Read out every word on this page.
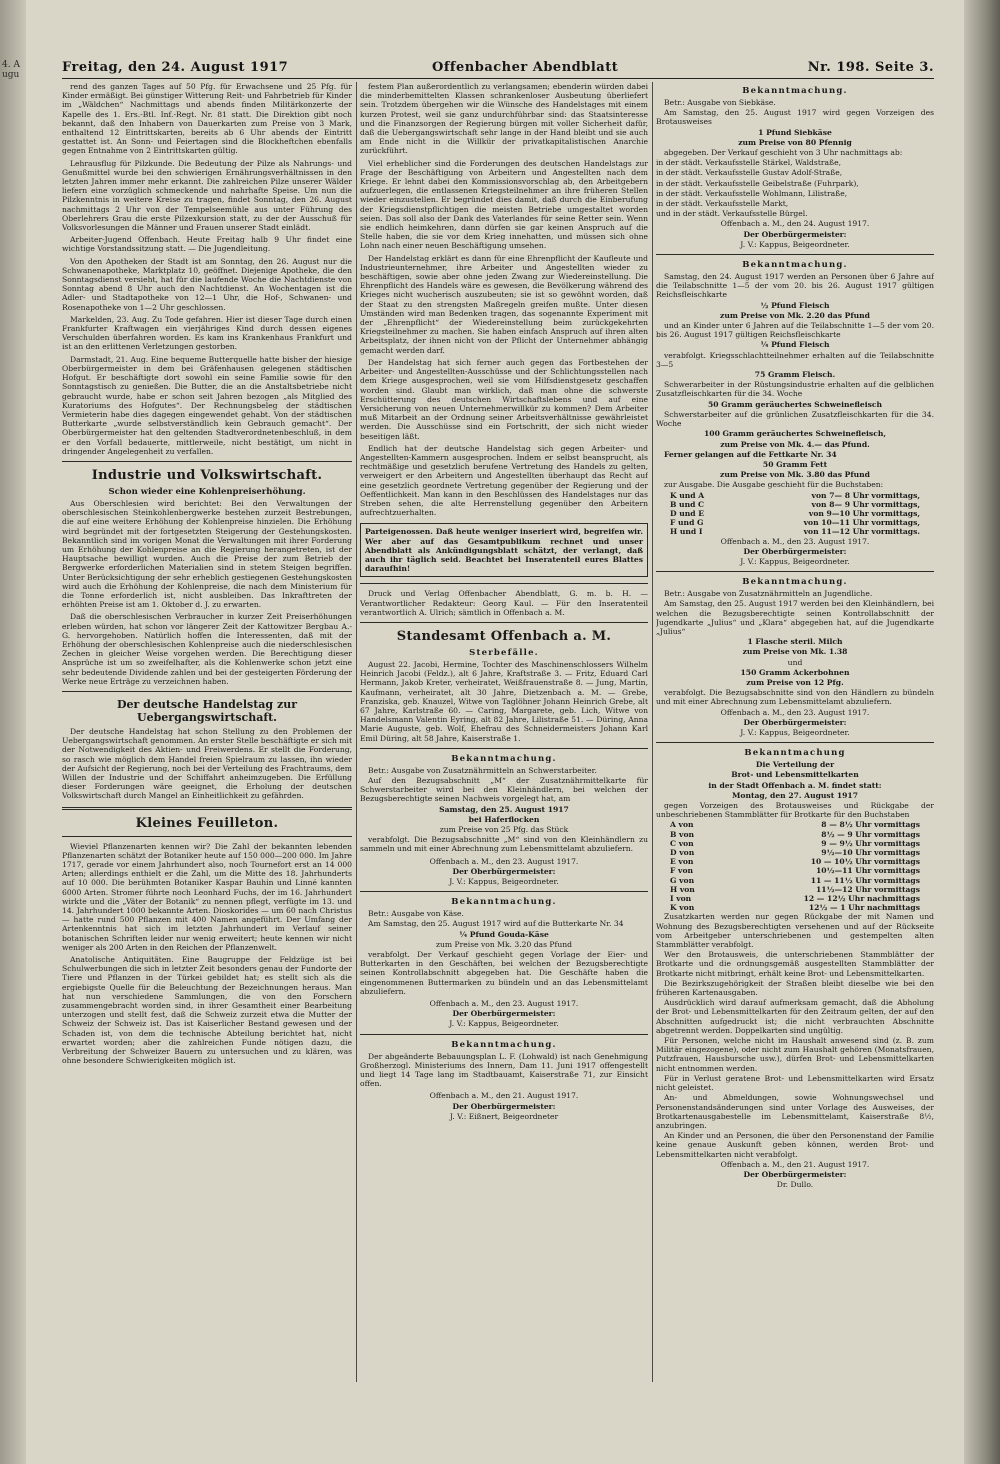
4. Augu	Freitag, den 24. August 1917	Offenbacher Abendblatt	Nr. 198. Seite 3.

rend des ganzen Tages auf 50 Pfg. für Erwachsene und 25 Pfg. für Kinder ermäßigt. Bei günstiger Witterung Reit- und Fahrbetrieb für Kinder im „Wäldchen“ Nachmittags und abends finden Militärkonzerte der Kapelle des 1. Ers.-Btl. Inf.-Regt. Nr. 81 statt. Die Direktion gibt noch bekannt, daß den Inhabern von Dauerkarten zum Preise von 3 Mark, enthaltend 12 Eintrittskarten, bereits ab 6 Uhr abends der Eintritt gestattet ist. An Sonn- und Feiertagen sind die Blockheftchen ebenfalls gegen Entnahme von 2 Eintrittskarten gültig.

Lehrausflug für Pilzkunde. Die Bedeutung der Pilze als Nahrungs- und Genußmittel wurde bei den schwierigen Ernährungsverhältnissen in den letzten Jahren immer mehr erkannt. Die zahlreichen Pilze unserer Wälder liefern eine vorzüglich schmeckende und nahrhafte Speise. Um nun die Pilzkenntnis in weitere Kreise zu tragen, findet Sonntag, den 26. August nachmittags 2 Uhr von der Tempelseemühle aus unter Führung des Oberlehrers Grau die erste Pilzexkursion statt, zu der der Ausschuß für Volksvorlesungen die Männer und Frauen unserer Stadt einlädt.

Arbeiter-Jugend Offenbach. Heute Freitag halb 9 Uhr findet eine wichtige Vorstandssitzung statt. — Die Jugendleitung.

Von den Apotheken der Stadt ist am Sonntag, den 26. August nur die Schwanenapotheke, Marktplatz 10, geöffnet. Diejenige Apotheke, die den Sonntagsdienst versieht, hat für die laufende Woche die Nachtdienste von Sonntag abend 8 Uhr auch den Nachtdienst. An Wochentagen ist die Adler- und Stadtapotheke von 12—1 Uhr, die Hof-, Schwanen- und Rosenapotheke von 1—2 Uhr geschlossen.

Markelden, 23. Aug. Zu Tode gefahren. Hier ist dieser Tage durch einen Frankfurter Kraftwagen ein vierjähriges Kind durch dessen eigenes Verschulden überfahren worden. Es kam ins Krankenhaus Frankfurt und ist an den erlittenen Verletzungen gestorben.

Darmstadt, 21. Aug. Eine bequeme Butterquelle hatte bisher der hiesige Oberbürgermeister in dem bei Gräfenhausen gelegenen städtischen Hofgut. Er beschäftigte dort sowohl ein seine Familie sowie für den Sonntagstisch zu genießen. Die Butter, die an die Anstaltsbetriebe nicht gebraucht wurde, habe er schon seit Jahren bezogen „als Mitglied des Kuratoriums des Hofgutes“. Der Rechnungsbeleg der städtischen Vermieterin habe dies dagegen eingewendet gehabt. Von der städtischen Butterkarte „wurde selbstverständlich kein Gebrauch gemacht“. Der Oberbürgermeister hat den geltenden Stadtverordnetenbeschluß, in dem er den Vorfall bedauerte, mittlerweile, nicht bestätigt, um nicht in dringender Angelegenheit zu verfallen.

Industrie und Volkswirtschaft.
Schon wieder eine Kohlenpreiserhöhung.

Aus Oberschlesien wird berichtet: Bei den Verwaltungen der oberschlesischen Steinkohlenbergwerke bestehen zurzeit Bestrebungen, die auf eine weitere Erhöhung der Kohlenpreise hinzielen. Die Erhöhung wird begründet mit der fortgesetzten Steigerung der Gestehungskosten. Bekanntlich sind im vorigen Monat die Verwaltungen mit ihrer Forderung um Erhöhung der Kohlenpreise an die Regierung herangetreten, ist der Hauptsache bewilligt wurden. Auch die Preise der zum Betrieb der Bergwerke erforderlichen Materialien sind in stetem Steigen begriffen. Unter Berücksichtigung der sehr erheblich gestiegenen Gestehungskosten wird auch die Erhöhung der Kohlenpreise, die nach dem Ministerium für die Tonne erforderlich ist, nicht ausbleiben. Das Inkrafttreten der erhöhten Preise ist am 1. Oktober d. J. zu erwarten.

Daß die oberschlesischen Verbraucher in kurzer Zeit Preiserhöhungen erleben würden, hat schon vor längerer Zeit der Kattowitzer Bergbau A.-G. hervorgehoben. Natürlich hoffen die Interessenten, daß mit der Erhöhung der oberschlesischen Kohlenpreise auch die niederschlesischen Zechen in gleicher Weise vorgehen werden. Die Berechtigung dieser Ansprüche ist um so zweifelhafter, als die Kohlenwerke schon jetzt eine sehr bedeutende Dividende zahlen und bei der gesteigerten Förderung der Werke neue Erträge zu verzeichnen haben.

Der deutsche Handelstag zur Uebergangswirtschaft.

Der deutsche Handelstag hat schon Stellung zu den Problemen der Uebergangswirtschaft genommen. An erster Stelle beschäftigte er sich mit der Notwendigkeit des Aktien- und Freiwerdens. Er stellt die Forderung, so rasch wie möglich dem Handel freien Spielraum zu lassen, ihn wieder der Aufsicht der Regierung, noch bei der Verteilung des Frachtraums, dem Willen der Industrie und der Schiffahrt anheimzugeben. Die Erfüllung dieser Forderungen wäre geeignet, die Erholung der deutschen Volkswirtschaft durch Mangel an Einheitlichkeit zu gefährden.

Kleines Feuilleton.

Wieviel Pflanzenarten kennen wir? Die Zahl der bekannten lebenden Pflanzenarten schätzt der Botaniker heute auf 150 000—200 000. Im Jahre 1717, gerade vor einem Jahrhundert also, noch Tournefort erst an 14 000 Arten; allerdings enthielt er die Zahl, um die Mitte des 18. Jahrhunderts auf 10 000. Die berühmten Botaniker Kaspar Bauhin und Linné kannten 6000 Arten. Stromer führte noch Leonhard Fuchs, der im 16. Jahrhundert wirkte und die „Väter der Botanik“ zu nennen pflegt, verfügte im 13. und 14. Jahrhundert 1000 bekannte Arten. Dioskorides — um 60 nach Christus — hatte rund 500 Pflanzen mit 400 Namen angeführt. Der Umfang der Artenkenntnis hat sich im letzten Jahrhundert im Verlauf seiner botanischen Schriften leider nur wenig erweitert; heute kennen wir nicht weniger als 200 Arten in den Reichen der Pflanzenwelt.

Anatolische Antiquitäten. Eine Baugruppe der Feldzüge ist bei Schulwerbungen die sich in letzter Zeit besonders genau der Fundorte der Tiere und Pflanzen in der Türkei gebildet hat; es stellt sich als die ergiebigste Quelle für die Beleuchtung der Bezeichnungen heraus. Man hat nun verschiedene Sammlungen, die von den Forschern zusammengebracht worden sind, in ihrer Gesamtheit einer Bearbeitung unterzogen und stellt fest, daß die Schweiz zurzeit etwa die Mutter der Schweiz der Schweiz ist. Das ist Kaiserlicher Bestand gewesen und der Schaden ist, von dem die technische Abteilung berichtet hat, nicht erwartet worden; aber die zahlreichen Funde nötigen dazu, die Verbreitung der Schweizer Bauern zu untersuchen und zu klären, was ohne besondere Schwierigkeiten möglich ist.

festem Plan außerordentlich zu verlangsamen; ebenderin würden dabei die minderbemittelten Klassen schrankenloser Ausbeutung überliefert sein. Trotzdem übergehen wir die Wünsche des Handelstages mit einem kurzen Protest, weil sie ganz undurchführbar sind: das Staatsinteresse und die Finanzsorgen der Regierung bürgen mit voller Sicherheit dafür, daß die Uebergangswirtschaft sehr lange in der Hand bleibt und sie auch am Ende nicht in die Willkür der privatkapitalistischen Anarchie zurückführt.

Viel erheblicher sind die Forderungen des deutschen Handelstags zur Frage der Beschäftigung von Arbeitern und Angestellten nach dem Kriege. Er lehnt dabei den Kommissionsvorschlag ab, den Arbeitgebern aufzuerlegen, die entlassenen Kriegsteilnehmer an ihre früheren Stellen wieder einzustellen. Er begründet dies damit, daß durch die Einberufung der Kriegsdienstpflichtigen die meisten Betriebe umgestaltet worden seien. Das soll also der Dank des Vaterlandes für seine Retter sein. Wenn sie endlich heimkehren, dann dürfen sie gar keinen Anspruch auf die Stelle haben, die sie vor dem Krieg innehatten, und müssen sich ohne Lohn nach einer neuen Beschäftigung umsehen.

Der Handelstag erklärt es dann für eine Ehrenpflicht der Kaufleute und Industrieunternehmer, ihre Arbeiter und Angestellten wieder zu beschäftigen, sowie aber ohne jeden Zwang zur Wiedereinstellung. Die Ehrenpflicht des Handels wäre es gewesen, die Bevölkerung während des Krieges nicht wucherisch auszubeuten; sie ist so gewöhnt worden, daß der Staat zu den strengsten Maßregeln greifen mußte. Unter diesen Umständen wird man Bedenken tragen, das sogenannte Experiment mit der „Ehrenpflicht“ der Wiedereinstellung beim zurückgekehrten Kriegsteilnehmer zu machen. Sie haben einfach Anspruch auf ihren alten Arbeitsplatz, der ihnen nicht von der Pflicht der Unternehmer abhängig gemacht werden darf.

Der Handelstag hat sich ferner auch gegen das Fortbestehen der Arbeiter- und Angestellten-Ausschüsse und der Schlichtungsstellen nach dem Kriege ausgesprochen, weil sie vom Hilfsdienstgesetz geschaffen worden sind. Glaubt man wirklich, daß man ohne die schwerste Erschütterung des deutschen Wirtschaftslebens und auf eine Versicherung von neuen Unternehmerwillkür zu kommen? Dem Arbeiter muß Mitarbeit an der Ordnung seiner Arbeitsverhältnisse gewährleistet werden. Die Ausschüsse sind ein Fortschritt, der sich nicht wieder beseitigen läßt.

Endlich hat der deutsche Handelstag sich gegen Arbeiter- und Angestellten-Kammern ausgesprochen. Indem er selbst beansprucht, als rechtmäßige und gesetzlich berufene Vertretung des Handels zu gelten, verweigert er den Arbeitern und Angestellten überhaupt das Recht auf eine gesetzlich geordnete Vertretung gegenüber der Regierung und der Oeffentlichkeit. Man kann in den Beschlüssen des Handelstages nur das Streben sehen, die alte Herrenstellung gegenüber den Arbeitern aufrechtzuerhalten.

Parteigenossen. Daß heute weniger inseriert wird, begreifen wir. Wer aber auf das Gesamtpublikum rechnet und unser Abendblatt als Ankündigungsblatt schätzt, der verlangt, daß auch ihr täglich seid. Beachtet bei Inseratenteil eures Blattes daraufhin!

Druck und Verlag Offenbacher Abendblatt, G. m. b. H. — Verantwortlicher Redakteur: Georg Kaul. — Für den Inseratenteil verantwortlich A. Ulrich; sämtlich in Offenbach a. M.

Standesamt Offenbach a. M.
Sterbefälle.

August 22. Jacobi, Hermine, Tochter des Maschinenschlossers Wilhelm Heinrich Jacobi (Feldz.), alt 6 Jahre, Kraftstraße 3. — Fritz, Eduard Carl Hermann, Jakob Kreter, verheiratet, Weißfrauenstraße 8. — Jung, Martin, Kaufmann, verheiratet, alt 30 Jahre, Dietzenbach a. M. — Grebe, Franziska, geb. Knauzel, Witwe von Taglöhner Johann Heinrich Grebe, alt 67 Jahre, Karlstraße 60. — Caring, Margarete, geb. Lich, Witwe von Handelsmann Valentin Eyring, alt 82 Jahre, Lilistraße 51. — Düring, Anna Marie Auguste, geb. Wolf, Ehefrau des Schneidermeisters Johann Karl Emil Düring, alt 58 Jahre, Kaiserstraße 1.

Bekanntmachung.

Betr.: Ausgabe von Zusatznährmitteln an Schwerstarbeiter.

Auf den Bezugsabschnitt „M“ der Zusatznährmittelkarte für Schwerstarbeiter wird bei den Kleinhändlern, bei welchen der Bezugsberechtigte seinen Nachweis vorgelegt hat, am

Samstag, den 25. August 1917

bei Haferflocken

zum Preise von 25 Pfg. das Stück

verabfolgt. Die Bezugsabschnitte „M“ sind von den Kleinhändlern zu sammeln und mit einer Abrechnung zum Lebensmittelamt abzuliefern.

Offenbach a. M., den 23. August 1917.

Der Oberbürgermeister:

J. V.: Kappus, Beigeordneter.

Bekanntmachung.

Betr.: Ausgabe von Käse.

Am Samstag, den 25. August 1917 wird auf die Butterkarte Nr. 34

¼ Pfund Gouda-Käse

zum Preise von Mk. 3.20 das Pfund

verabfolgt. Der Verkauf geschieht gegen Vorlage der Eier- und Butterkarten in den Geschäften, bei welchen der Bezugsberechtigte seinen Kontrollabschnitt abgegeben hat. Die Geschäfte haben die eingenommenen Buttermarken zu bündeln und an das Lebensmittelamt abzuliefern.

Offenbach a. M., den 23. August 1917.

Der Oberbürgermeister:

J. V.: Kappus, Beigeordneter.

Bekanntmachung.

Der abgeänderte Bebauungsplan L. F. (Lohwald) ist nach Genehmigung Großherzogl. Ministeriums des Innern, Dam 11. Juni 1917 offengestellt und liegt 14 Tage lang im Stadtbauamt, Kaiserstraße 71, zur Einsicht offen.

Offenbach a. M., den 21. August 1917.

Der Oberbürgermeister:

J. V.: Eißnert, Beigeordneter

Bekanntmachung.

Betr.: Ausgabe von Siebkäse.

Am Samstag, den 25. August 1917 wird gegen Vorzeigen des Brotausweises

1 Pfund Siebkäse

zum Preise von 80 Pfennig

abgegeben. Der Verkauf geschieht von 3 Uhr nachmittags ab:

in der städt. Verkaufsstelle Stärkel, Waldstraße,

in der städt. Verkaufsstelle Gustav Adolf-Straße,

in der städt. Verkaufsstelle Geibelstraße (Fuhrpark),

in der städt. Verkaufsstelle Wohlmann, Lilistraße,

in der städt. Verkaufsstelle Markt,

und in der städt. Verkaufsstelle Bürgel.

Offenbach a. M., den 24. August 1917.

Der Oberbürgermeister:

J. V.: Kappus, Beigeordneter.

Bekanntmachung.

Samstag, den 24. August 1917 werden an Personen über 6 Jahre auf die Teilabschnitte 1—5 der vom 20. bis 26. August 1917 gültigen Reichsfleischkarte

½ Pfund Fleisch

zum Preise von Mk. 2.20 das Pfund

und an Kinder unter 6 Jahren auf die Teilabschnitte 1—5 der vom 20. bis 26. August 1917 gültigen Reichsfleischkarte

¼ Pfund Fleisch

verabfolgt. Kriegsschlachtteilnehmer erhalten auf die Teilabschnitte 3—5

75 Gramm Fleisch.

Schwerarbeiter in der Rüstungsindustrie erhalten auf die gelblichen Zusatzfleischkarten für die 34. Woche

50 Gramm geräuchertes Schweinefleisch

Schwerstarbeiter auf die grünlichen Zusatzfleischkarten für die 34. Woche

100 Gramm geräuchertes Schweinefleisch,

zum Preise von Mk. 4.— das Pfund.

Ferner gelangen auf die Fettkarte Nr. 34

50 Gramm Fett

zum Preise von Mk. 3.80 das Pfund

zur Ausgabe. Die Ausgabe geschieht für die Buchstaben:

K und A	von 7— 8 Uhr vormittags,
B und C	von 8— 9 Uhr vormittags,
D und E	von 9—10 Uhr vormittags,
F und G	von 10—11 Uhr vormittags,
H und I	von 11—12 Uhr vormittags.

Offenbach a. M., den 23. August 1917.

Der Oberbürgermeister:

J. V.: Kappus, Beigeordneter.

Bekanntmachung.

Betr.: Ausgabe von Zusatznährmitteln an Jugendliche.

Am Samstag, den 25. August 1917 werden bei den Kleinhändlern, bei welchen die Bezugsberechtigte seinen Kontrollabschnitt der Jugendkarte „Julius“ und „Klara“ abgegeben hat, auf die Jugendkarte „Julius“

1 Flasche steril. Milch

zum Preise von Mk. 1.38

und

150 Gramm Ackerbohnen

zum Preise von 12 Pfg.

verabfolgt. Die Bezugsabschnitte sind von den Händlern zu bündeln und mit einer Abrechnung zum Lebensmittelamt abzuliefern.

Offenbach a. M., den 23. August 1917.

Der Oberbürgermeister:

J. V.: Kappus, Beigeordneter.

Bekanntmachung

Die Verteilung der

Brot- und Lebensmittelkarten

in der Stadt Offenbach a. M. findet statt:

Montag, den 27. August 1917

gegen Vorzeigen des Brotausweises und Rückgabe der unbeschriebenen Stammblätter für Brotkarte für den Buchstaben

A von	8 — 8½ Uhr vormittags
B von	8½ — 9 Uhr vormittags
C von	9 — 9½ Uhr vormittags
D von	9½—10 Uhr vormittags
E von	10 — 10½ Uhr vormittags
F von	10½—11 Uhr vormittags
G von	11 — 11½ Uhr vormittags
H von	11½—12 Uhr vormittags
I von	12 — 12½ Uhr nachmittags
K von	12½ — 1 Uhr nachmittags

Zusatzkarten werden nur gegen Rückgabe der mit Namen und Wohnung des Bezugsberechtigten versehenen und auf der Rückseite vom Arbeitgeber unterschriebenen und gestempelten alten Stammblätter verabfolgt.

Wer den Brotausweis, die unterschriebenen Stammblätter der Brotkarte und die ordnungsgemäß ausgestellten Stammblätter der Brotkarte nicht mitbringt, erhält keine Brot- und Lebensmittelkarten.

Die Bezirkszugehörigkeit der Straßen bleibt dieselbe wie bei den früheren Kartenausgaben.

Ausdrücklich wird darauf aufmerksam gemacht, daß die Abholung der Brot- und Lebensmittelkarten für den Zeitraum gelten, der auf den Abschnitten aufgedruckt ist; die nicht verbrauchten Abschnitte abgetrennt werden. Doppelkarten sind ungültig.

Für Personen, welche nicht im Haushalt anwesend sind (z. B. zum Militär eingezogene), oder nicht zum Haushalt gehören (Monatsfrauen, Putzfrauen, Hausbursche usw.), dürfen Brot- und Lebensmittelkarten nicht entnommen werden.

Für in Verlust geratene Brot- und Lebensmittelkarten wird Ersatz nicht geleistet.

An- und Abmeldungen, sowie Wohnungswechsel und Personenstandsänderungen sind unter Vorlage des Ausweises, der Brotkartenausgabestelle im Lebensmittelamt, Kaiserstraße 8½, anzubringen.

An Kinder und an Personen, die über den Personenstand der Familie keine genaue Auskunft geben können, werden Brot- und Lebensmittelkarten nicht verabfolgt.

Offenbach a. M., den 21. August 1917.

Der Oberbürgermeister:

Dr. Dullo.
